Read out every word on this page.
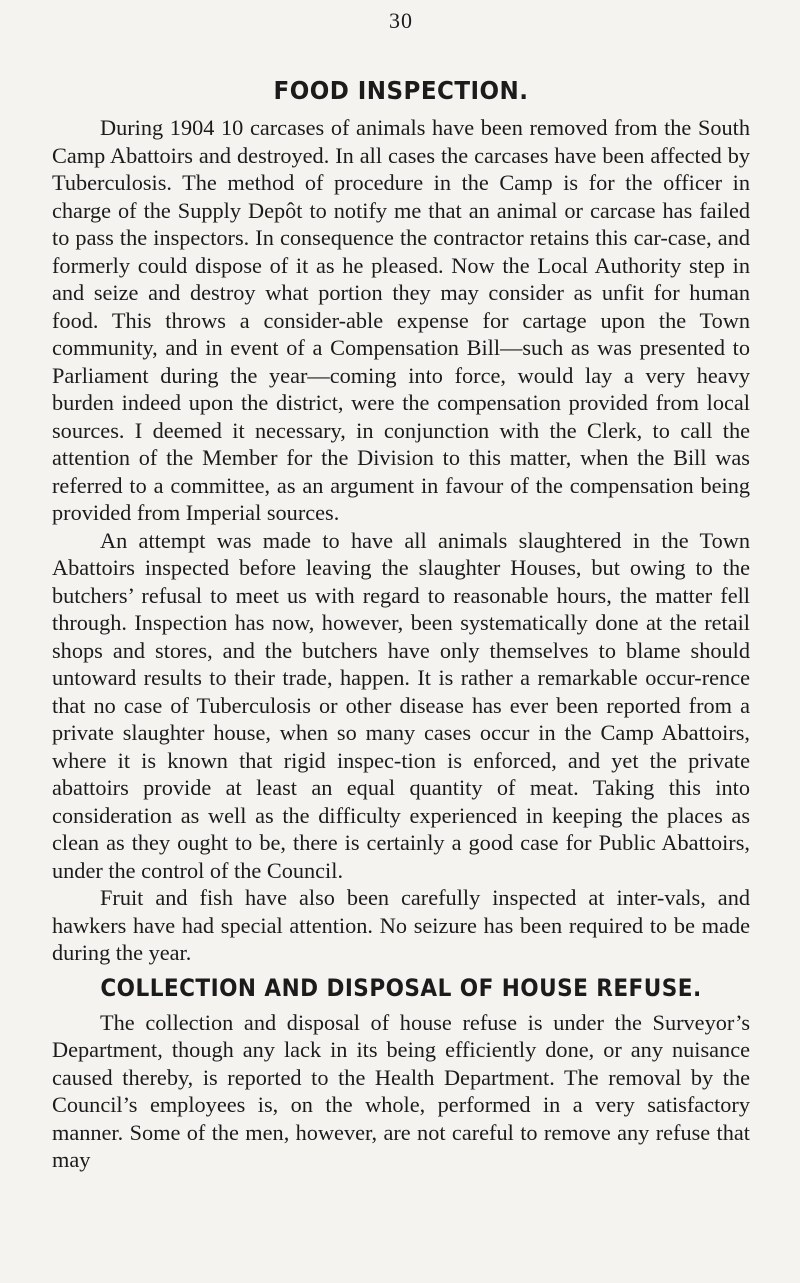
30
FOOD INSPECTION.

During 1904 10 carcases of animals have been removed from the South Camp Abattoirs and destroyed. In all cases the carcases have been affected by Tuberculosis. The method of procedure in the Camp is for the officer in charge of the Supply Depôt to notify me that an animal or carcase has failed to pass the inspectors. In consequence the contractor retains this car-case, and formerly could dispose of it as he pleased. Now the Local Authority step in and seize and destroy what portion they may consider as unfit for human food. This throws a consider-able expense for cartage upon the Town community, and in event of a Compensation Bill—such as was presented to Parliament during the year—coming into force, would lay a very heavy burden indeed upon the district, were the compensation provided from local sources. I deemed it necessary, in conjunction with the Clerk, to call the attention of the Member for the Division to this matter, when the Bill was referred to a committee, as an argument in favour of the compensation being provided from Imperial sources.

An attempt was made to have all animals slaughtered in the Town Abattoirs inspected before leaving the slaughter Houses, but owing to the butchers’ refusal to meet us with regard to reasonable hours, the matter fell through. Inspection has now, however, been systematically done at the retail shops and stores, and the butchers have only themselves to blame should untoward results to their trade, happen. It is rather a remarkable occur-rence that no case of Tuberculosis or other disease has ever been reported from a private slaughter house, when so many cases occur in the Camp Abattoirs, where it is known that rigid inspec-tion is enforced, and yet the private abattoirs provide at least an equal quantity of meat. Taking this into consideration as well as the difficulty experienced in keeping the places as clean as they ought to be, there is certainly a good case for Public Abattoirs, under the control of the Council.

Fruit and fish have also been carefully inspected at inter-vals, and hawkers have had special attention. No seizure has been required to be made during the year.

COLLECTION AND DISPOSAL OF HOUSE REFUSE.

The collection and disposal of house refuse is under the Surveyor’s Department, though any lack in its being efficiently done, or any nuisance caused thereby, is reported to the Health Department. The removal by the Council’s employees is, on the whole, performed in a very satisfactory manner. Some of the men, however, are not careful to remove any refuse that may
